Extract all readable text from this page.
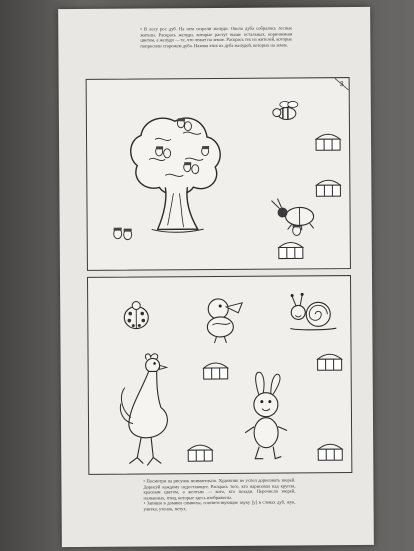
• В лесу рос дуб. На нем созрели желуди. Около дуба собрались лесные жители. Раскрась желуди, которые растут выше остальных, коричневым цветом, а желуди — те, что лежат на земле. Раскрась тех из жителей, которые попросили сторожем дуба. Назови этих из дуба желудей, которых на земле.
3
• Посмотри на рисунок внимательно. Художник не успел дорисовать зверей. Дорисуй каждому недостающее. Раскрась того, кто нарисован над кругом, красным цветом, а желтым — кого, кто позади. Перечисли зверей, названных, птиц, которые здесь изображены.
• Запиши в домики символы, соответствующие звуку [у] в словах дуб, жук, улитка, утенок, петух.
